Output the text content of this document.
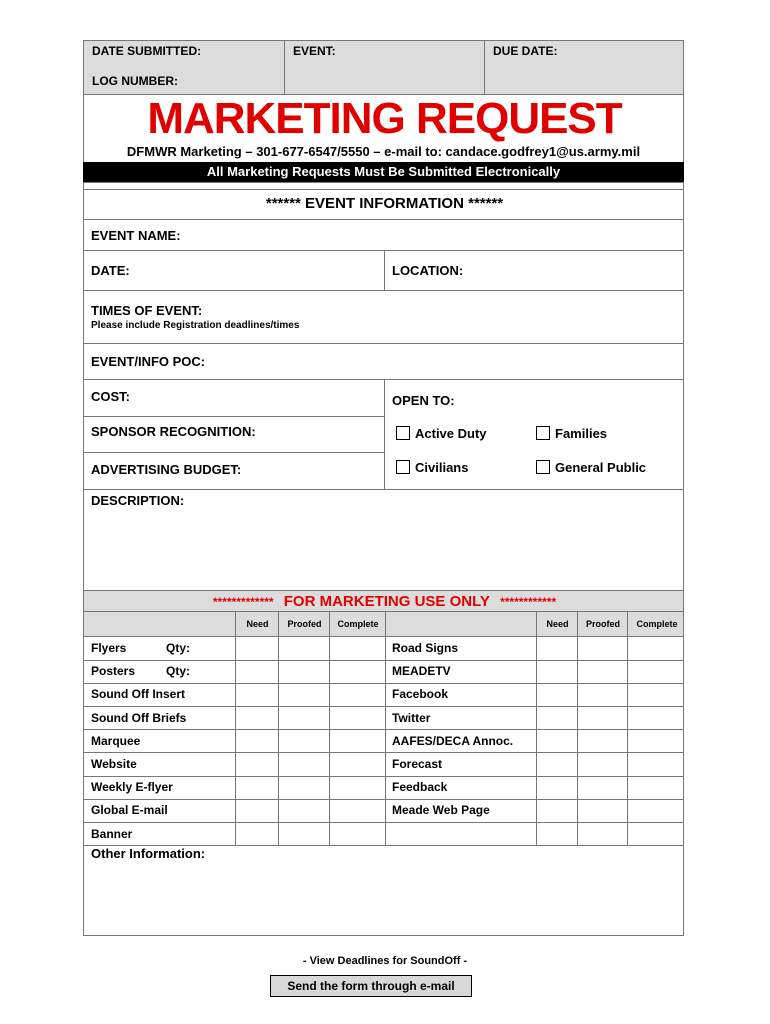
DATE SUBMITTED:
LOG NUMBER:
EVENT:	DUE DATE:
MARKETING REQUEST
DFMWR Marketing – 301-677-6547/5550 – e-mail to: candace.godfrey1@us.army.mil
All Marketing Requests Must Be Submitted Electronically
****** EVENT INFORMATION ******
EVENT NAME:
DATE:	LOCATION:
TIMES OF EVENT:
Please include Registration deadlines/times
EVENT/INFO POC:
COST:
SPONSOR RECOGNITION:
ADVERTISING BUDGET:
OPEN TO:
Active Duty	Families
Civilians	General Public
DESCRIPTION:
************* FOR MARKETING USE ONLY ************
Need	Proofed	Complete	Need	Proofed	Complete
Flyers	Qty:	Road Signs
Posters	Qty:	MEADETV
Sound Off Insert	Facebook
Sound Off Briefs	Twitter
Marquee	AAFES/DECA Annoc.
Website	Forecast
Weekly E-flyer	Feedback
Global E-mail	Meade Web Page
Banner
Other Information:
- View Deadlines for SoundOff -
Send the form through e-mail
